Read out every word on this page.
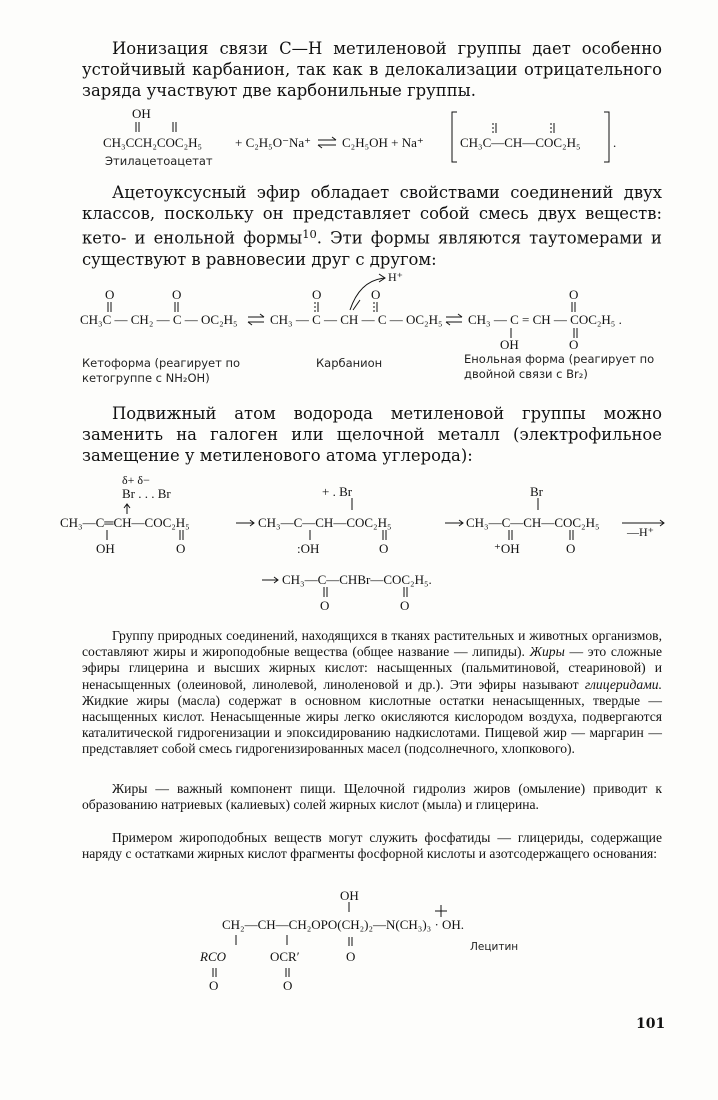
Ионизация связи С—Н метиленовой группы дает особенно устойчивый карбанион, так как в делокализации отрицательного заряда участвуют две карбонильные группы.

OH
CH₃CCH₂COC₂H₅	+ C₂H₅O⁻Na⁺ C₂H₅OH + Na⁺	CH₃C—CH—COC₂H₅ .
Этилацетоацетат

Ацетоуксусный эфир обладает свойствами соединений двух классов, поскольку он представляет собой смесь двух веществ: кето- и енольной формы$^{10}$. Эти формы являются таутомерами и существуют в равновесии друг с другом:

O	O
CH₃C — CH₂ — C — OC₂H₅
O	O
H⁺
CH₃ — C — CH — C — OC₂H₅ CH₃ — C = CH — COC₂H₅ .
O
OH	O
Кетоформа (реагирует по кетогруппе с NH₂OH)
Карбанион	Енольная форма (реагирует по двойной связи с Br₂)

Подвижный атом водорода метиленовой группы можно заменить на галоген или щелочной металл (электрофильное замещение у метиленового атома углерода):

δ+ δ−
Br . . . Br
CH₃—C═CH—COC₂H₅
OH	O
+ . Br
CH₃—C—CH—COC₂H₅
:OH	O
Br
CH₃—C—CH—COC₂H₅
⁺OH	O
—H⁺
CH₃—C—CHBr—COC₂H₅.
O	O

Группу природных соединений, находящихся в тканях растительных и животных организмов, составляют жиры и жироподобные вещества (общее название — липиды). Жиры — это сложные эфиры глицерина и высших жирных кислот: насыщенных (пальмитиновой, стеариновой) и ненасыщенных (олеиновой, линолевой, линоленовой и др.). Эти эфиры называют глицеридами. Жидкие жиры (масла) содержат в основном кислотные остатки ненасыщенных, твердые — насыщенных кислот. Ненасыщенные жиры легко окисляются кислородом воздуха, подвергаются каталитической гидрогенизации и эпоксидированию надкислотами. Пищевой жир — маргарин — представляет собой смесь гидрогенизированных масел (подсолнечного, хлопкового).

Жиры — важный компонент пищи. Щелочной гидролиз жиров (омыление) приводит к образованию натриевых (калиевых) солей жирных кислот (мыла) и глицерина.

Примером жироподобных веществ могут служить фосфатиды — глицериды, содержащие наряду с остатками жирных кислот фрагменты фосфорной кислоты и азотсодержащего основания:

OH
CH₂—CH—CH₂OPO(CH₂)₂—N(CH₃)₃ · OH.
RCO	OCR′	O
O	O
Лецитин
101
